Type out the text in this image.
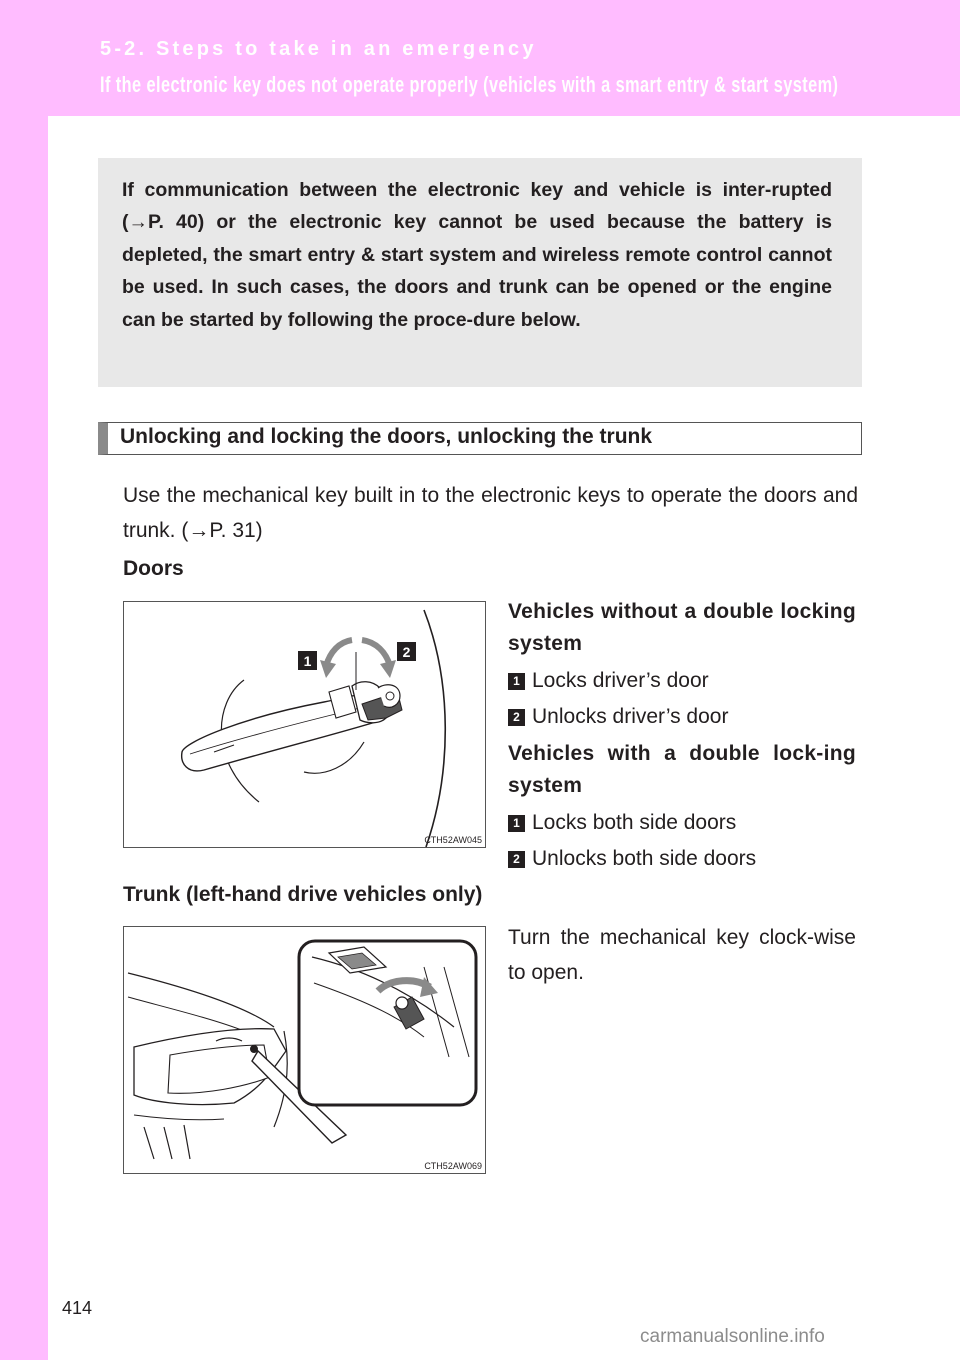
5-2. Steps to take in an emergency
If the electronic key does not operate properly (vehicles with a smart entry & start system)

If communication between the electronic key and vehicle is inter-rupted (→P. 40) or the electronic key cannot be used because the battery is depleted, the smart entry & start system and wireless remote control cannot be used. In such cases, the doors and trunk can be opened or the engine can be started by following the proce-dure below.

Unlocking and locking the doors, unlocking the trunk

Use the mechanical key built in to the electronic keys to operate the doors and trunk. (→P. 31)

Doors
1
2
CTH52AW045
Vehicles without a double locking system
1 Locks driver’s door
2 Unlocks driver’s door
Vehicles with a double lock-ing system
1 Locks both side doors
2 Unlocks both side doors
Trunk (left-hand drive vehicles only)

Turn the mechanical key clock-wise to open.

CTH52AW069
414
carmanualsonline.info
